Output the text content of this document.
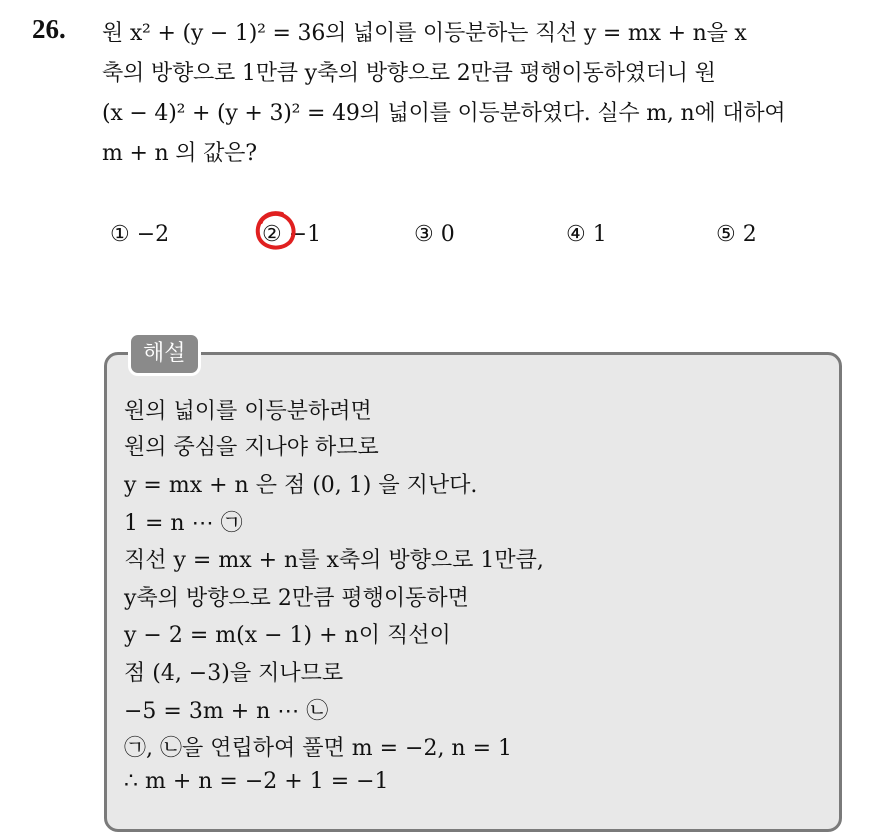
26. 원 x² + (y − 1)² = 36의 넓이를 이등분하는 직선 y = mx + n을 x
축의 방향으로 1만큼 y축의 방향으로 2만큼 평행이동하였더니 원
(x − 4)² + (y + 3)² = 49의 넓이를 이등분하였다. 실수 m, n에 대하여
m + n 의 값은?
① −2	② −1	③ 0	④ 1	⑤ 2
해설
원의 넓이를 이등분하려면
원의 중심을 지나야 하므로
y = mx + n 은 점 (0, 1) 을 지난다.
1 = n ⋯ ㉠
직선 y = mx + n를 x축의 방향으로 1만큼,
y축의 방향으로 2만큼 평행이동하면
y − 2 = m(x − 1) + n이 직선이
점 (4, −3)을 지나므로
−5 = 3m + n ⋯ ㉡
㉠, ㉡을 연립하여 풀면 m = −2, n = 1
∴ m + n = −2 + 1 = −1
